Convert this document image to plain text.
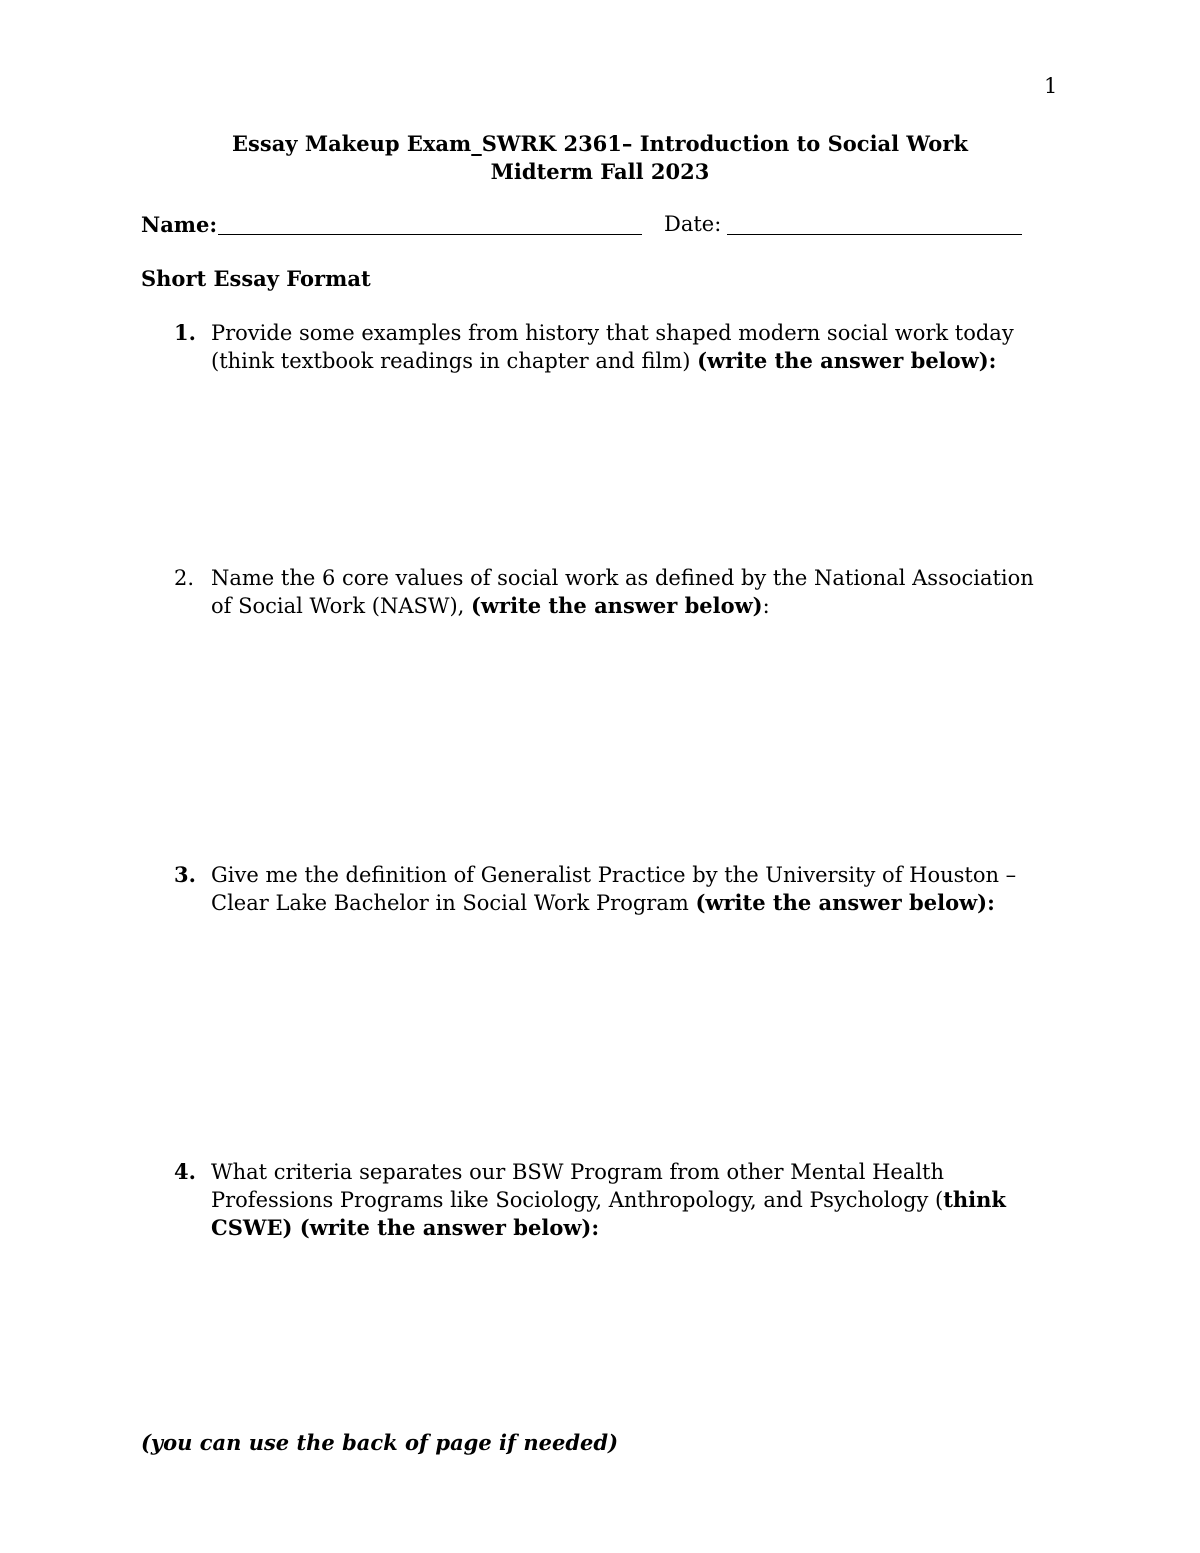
1
Essay Makeup Exam_SWRK 2361– Introduction to Social Work
Midterm Fall 2023
Name:	Date:
Short Essay Format
1. Provide some examples from history that shaped modern social work today (think textbook readings in chapter and film) (write the answer below):
2. Name the 6 core values of social work as defined by the National Association of Social Work (NASW), (write the answer below):
3. Give me the definition of Generalist Practice by the University of Houston – Clear Lake Bachelor in Social Work Program (write the answer below):
4. What criteria separates our BSW Program from other Mental Health Professions Programs like Sociology, Anthropology, and Psychology (think CSWE) (write the answer below):
(you can use the back of page if needed)
